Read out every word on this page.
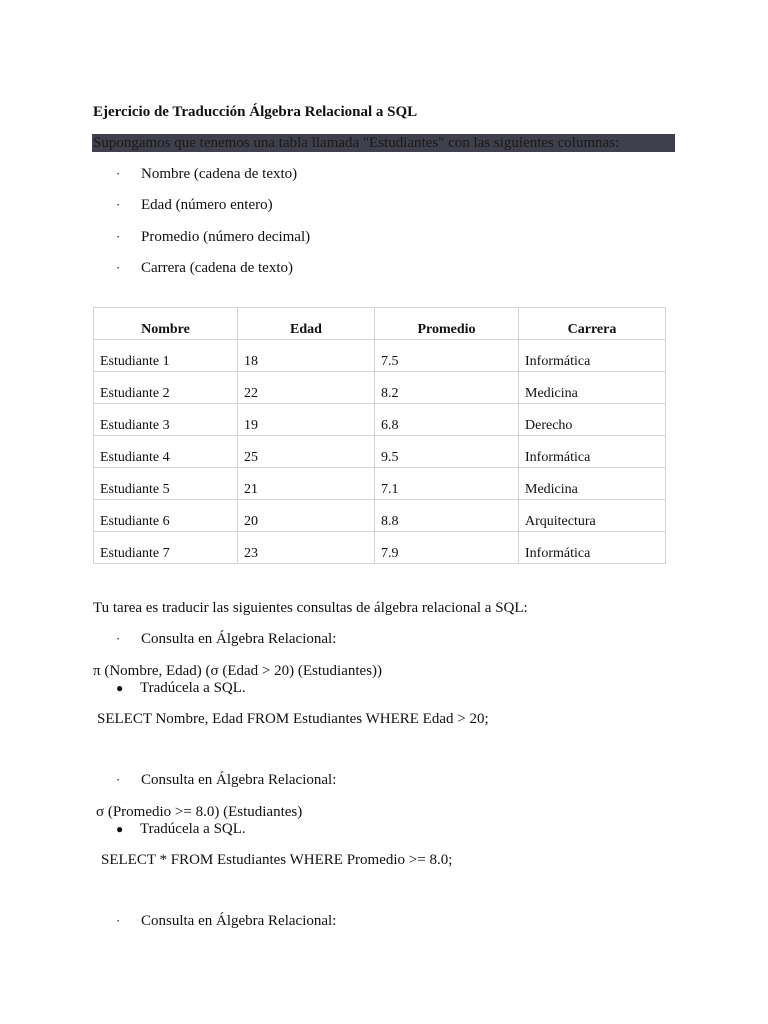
Ejercicio de Traducción Álgebra Relacional a SQL
Supongamos que tenemos una tabla llamada "Estudiantes" con las siguientes columnas:
· Nombre (cadena de texto)
· Edad (número entero)
· Promedio (número decimal)
· Carrera (cadena de texto)
Nombre	Edad	Promedio	Carrera
Estudiante 1	18	7.5	Informática
Estudiante 2	22	8.2	Medicina
Estudiante 3	19	6.8	Derecho
Estudiante 4	25	9.5	Informática
Estudiante 5	21	7.1	Medicina
Estudiante 6	20	8.8	Arquitectura
Estudiante 7	23	7.9	Informática
Tu tarea es traducir las siguientes consultas de álgebra relacional a SQL:
· Consulta en Álgebra Relacional:
π (Nombre, Edad) (σ (Edad > 20) (Estudiantes))
● Tradúcela a SQL.
SELECT Nombre, Edad FROM Estudiantes WHERE Edad > 20;
· Consulta en Álgebra Relacional:
σ (Promedio >= 8.0) (Estudiantes)
● Tradúcela a SQL.
SELECT * FROM Estudiantes WHERE Promedio >= 8.0;
· Consulta en Álgebra Relacional:
